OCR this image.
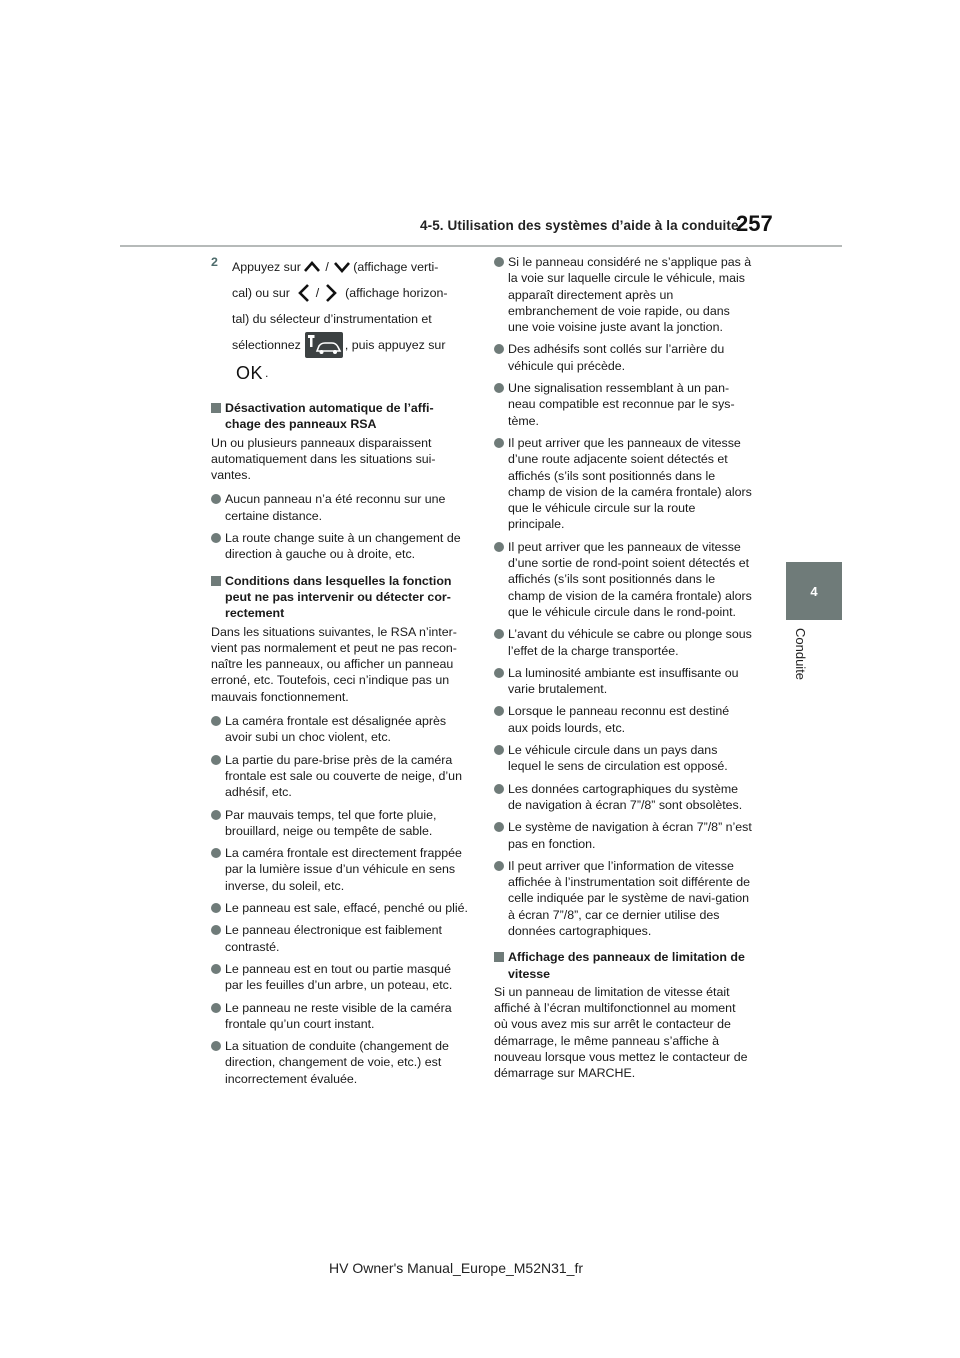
4-5. Utilisation des systèmes d’aide à la conduite
257
4
Conduite
2 Appuyez sur
/
(affichage verti-
cal) ou sur
/
(affichage horizon-
tal) du sélecteur d’instrumentation et
sélectionnez	, puis appuyez sur
OK .
Désactivation automatique de l’affi-chage des panneaux RSA
Un ou plusieurs panneaux disparaissent automatiquement dans les situations sui-vantes.
Aucun panneau n’a été reconnu sur une certaine distance.
La route change suite à un changement de direction à gauche ou à droite, etc.
Conditions dans lesquelles la fonction peut ne pas intervenir ou détecter cor-rectement
Dans les situations suivantes, le RSA n’inter-vient pas normalement et peut ne pas recon-naître les panneaux, ou afficher un panneau erroné, etc. Toutefois, ceci n’indique pas un mauvais fonctionnement.
La caméra frontale est désalignée après avoir subi un choc violent, etc.
La partie du pare-brise près de la caméra frontale est sale ou couverte de neige, d’un adhésif, etc.
Par mauvais temps, tel que forte pluie, brouillard, neige ou tempête de sable.
La caméra frontale est directement frappée par la lumière issue d’un véhicule en sens inverse, du soleil, etc.
Le panneau est sale, effacé, penché ou plié.
Le panneau électronique est faiblement contrasté.
Le panneau est en tout ou partie masqué par les feuilles d’un arbre, un poteau, etc.
Le panneau ne reste visible de la caméra frontale qu’un court instant.
La situation de conduite (changement de direction, changement de voie, etc.) est incorrectement évaluée.
Si le panneau considéré ne s’applique pas à la voie sur laquelle circule le véhicule, mais apparaît directement après un embranchement de voie rapide, ou dans une voie voisine juste avant la jonction.
Des adhésifs sont collés sur l’arrière du véhicule qui précède.
Une signalisation ressemblant à un pan-neau compatible est reconnue par le sys-tème.
Il peut arriver que les panneaux de vitesse d’une route adjacente soient détectés et affichés (s’ils sont positionnés dans le champ de vision de la caméra frontale) alors que le véhicule circule sur la route principale.
Il peut arriver que les panneaux de vitesse d’une sortie de rond-point soient détectés et affichés (s’ils sont positionnés dans le champ de vision de la caméra frontale) alors que le véhicule circule dans le rond-point.
L’avant du véhicule se cabre ou plonge sous l’effet de la charge transportée.
La luminosité ambiante est insuffisante ou varie brutalement.
Lorsque le panneau reconnu est destiné aux poids lourds, etc.
Le véhicule circule dans un pays dans lequel le sens de circulation est opposé.
Les données cartographiques du système de navigation à écran 7”/8” sont obsolètes.
Le système de navigation à écran 7”/8” n’est pas en fonction.
Il peut arriver que l’information de vitesse affichée à l’instrumentation soit différente de celle indiquée par le système de navi-gation à écran 7”/8”, car ce dernier utilise des données cartographiques.
Affichage des panneaux de limitation de vitesse
Si un panneau de limitation de vitesse était affiché à l’écran multifonctionnel au moment où vous avez mis sur arrêt le contacteur de démarrage, le même panneau s’affiche à nouveau lorsque vous mettez le contacteur de démarrage sur MARCHE.
HV Owner's Manual_Europe_M52N31_fr
